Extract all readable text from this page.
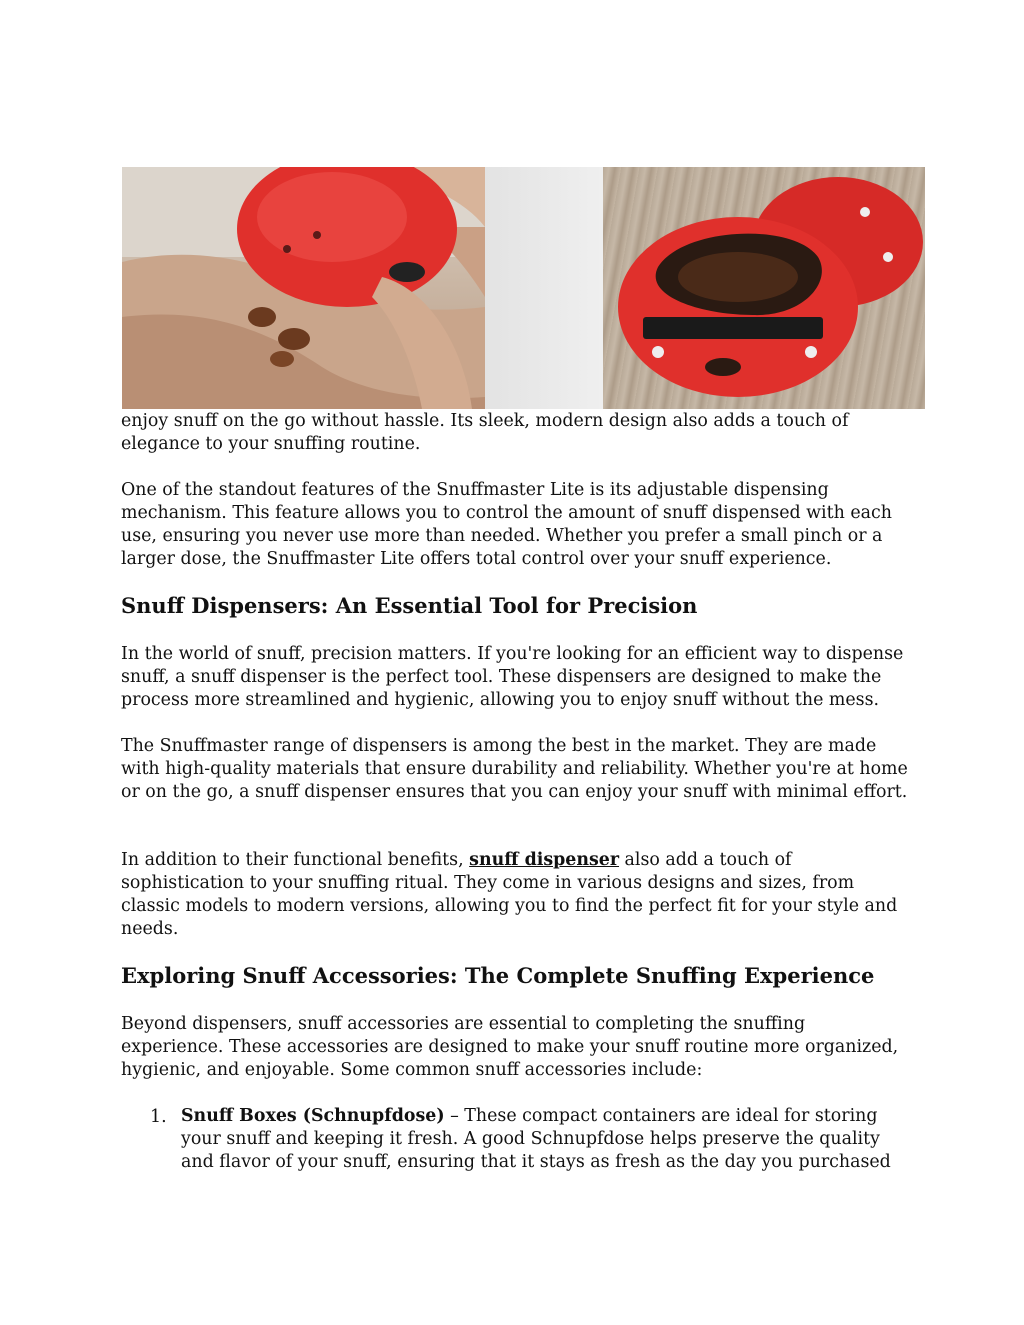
enjoy snuff on the go without hassle. Its sleek, modern design also adds a touch of elegance to your snuffing routine.

One of the standout features of the Snuffmaster Lite is its adjustable dispensing mechanism. This feature allows you to control the amount of snuff dispensed with each use, ensuring you never use more than needed. Whether you prefer a small pinch or a larger dose, the Snuffmaster Lite offers total control over your snuff experience.

Snuff Dispensers: An Essential Tool for Precision

In the world of snuff, precision matters. If you're looking for an efficient way to dispense snuff, a snuff dispenser is the perfect tool. These dispensers are designed to make the process more streamlined and hygienic, allowing you to enjoy snuff without the mess.

The Snuffmaster range of dispensers is among the best in the market. They are made with high-quality materials that ensure durability and reliability. Whether you're at home or on the go, a snuff dispenser ensures that you can enjoy your snuff with minimal effort.

In addition to their functional benefits, snuff dispenser also add a touch of sophistication to your snuffing ritual. They come in various designs and sizes, from classic models to modern versions, allowing you to find the perfect fit for your style and needs.

Exploring Snuff Accessories: The Complete Snuffing Experience

Beyond dispensers, snuff accessories are essential to completing the snuffing experience. These accessories are designed to make your snuff routine more organized, hygienic, and enjoyable. Some common snuff accessories include:

1. Snuff Boxes (Schnupfdose) – These compact containers are ideal for storing your snuff and keeping it fresh. A good Schnupfdose helps preserve the quality and flavor of your snuff, ensuring that it stays as fresh as the day you purchased
